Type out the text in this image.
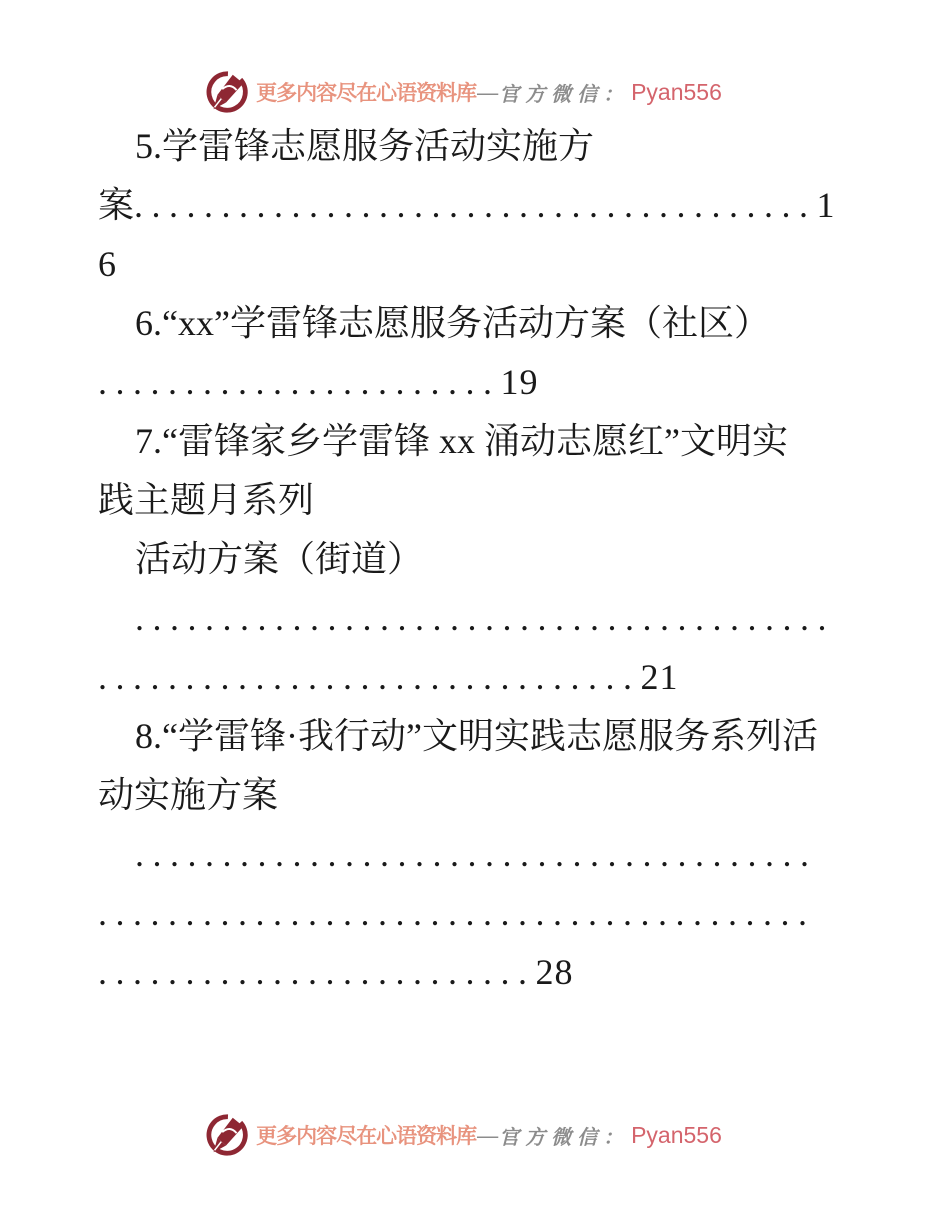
更多内容尽在心语资料库 — 官方微信： Pyan556
5.学雷锋志愿服务活动实施方
案.......................................1
6
6.“xx”学雷锋志愿服务活动方案（社区）
.......................19
7.“雷锋家乡学雷锋 xx 涌动志愿红”文明实
践主题月系列
活动方案（街道）
........................................
...............................21
8.“学雷锋·我行动”文明实践志愿服务系列活
动实施方案
.......................................
.........................................
.........................28
更多内容尽在心语资料库 — 官方微信： Pyan556
